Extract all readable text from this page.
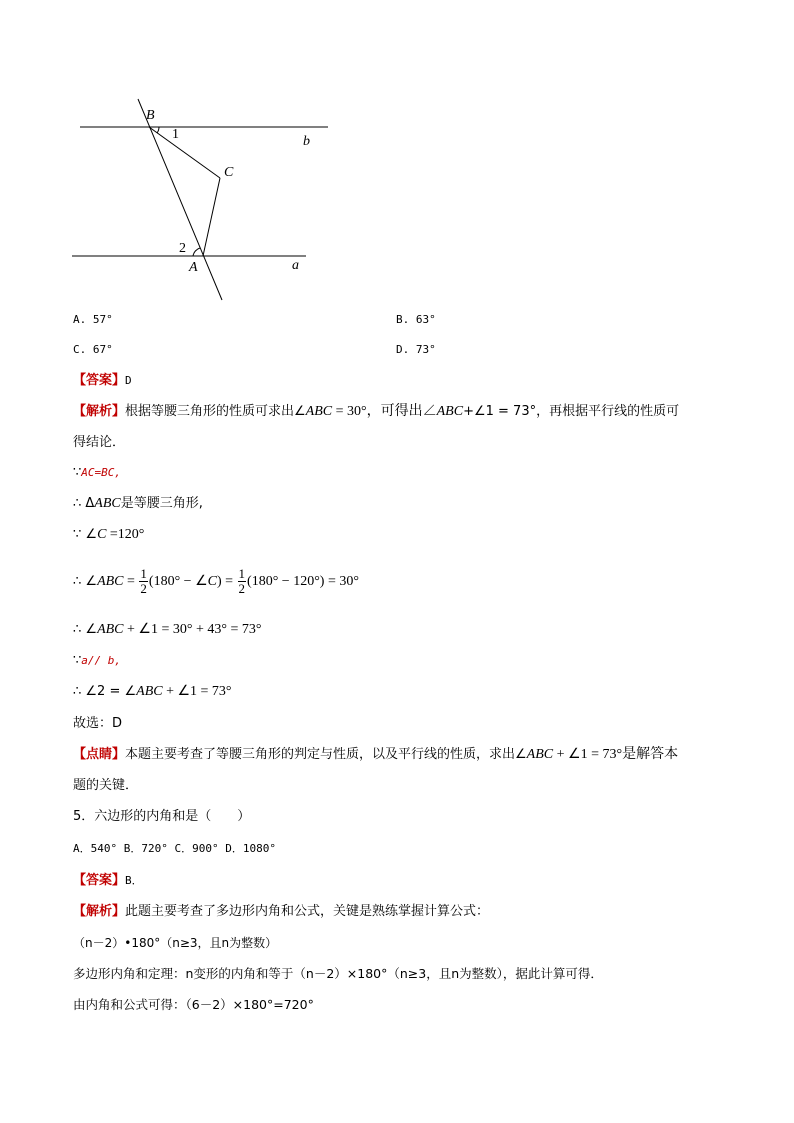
B
1	b
C
2
A	a
A. 57°	B. 63°
C. 67°	D. 73°
【答案】D
【解析】根据等腰三角形的性质可求出∠ABC = 30°，可得出∠ABC+∠1 = 73°，再根据平行线的性质可
得结论．
∵AC=BC,
∴ ΔABC是等腰三角形,
∵ ∠C =120°
∴ ∠ABC = $\frac{1}{2} (180^\circ$ − ∠C) = $\frac{1}{2} (180^\circ - 120^\circ) = 30^\circ$
∴ ∠ABC + ∠1 = 30° + 43° = 73°
∵a// b,
∴ ∠2 = ∠ABC + ∠1 = 73°
故选：D
【点睛】本题主要考查了等腰三角形的判定与性质，以及平行线的性质，求出∠ABC + ∠1 = 73°是解答本
题的关键．
5．六边形的内角和是（　　）
A．540° B．720° C．900° D．1080°
【答案】B．
【解析】此题主要考查了多边形内角和公式，关键是熟练掌握计算公式：
（n－2）•180°（n≥3，且n为整数）
多边形内角和定理：n变形的内角和等于（n－2）×180°（n≥3，且n为整数），据此计算可得．
由内角和公式可得：（6－2）×180°=720°
